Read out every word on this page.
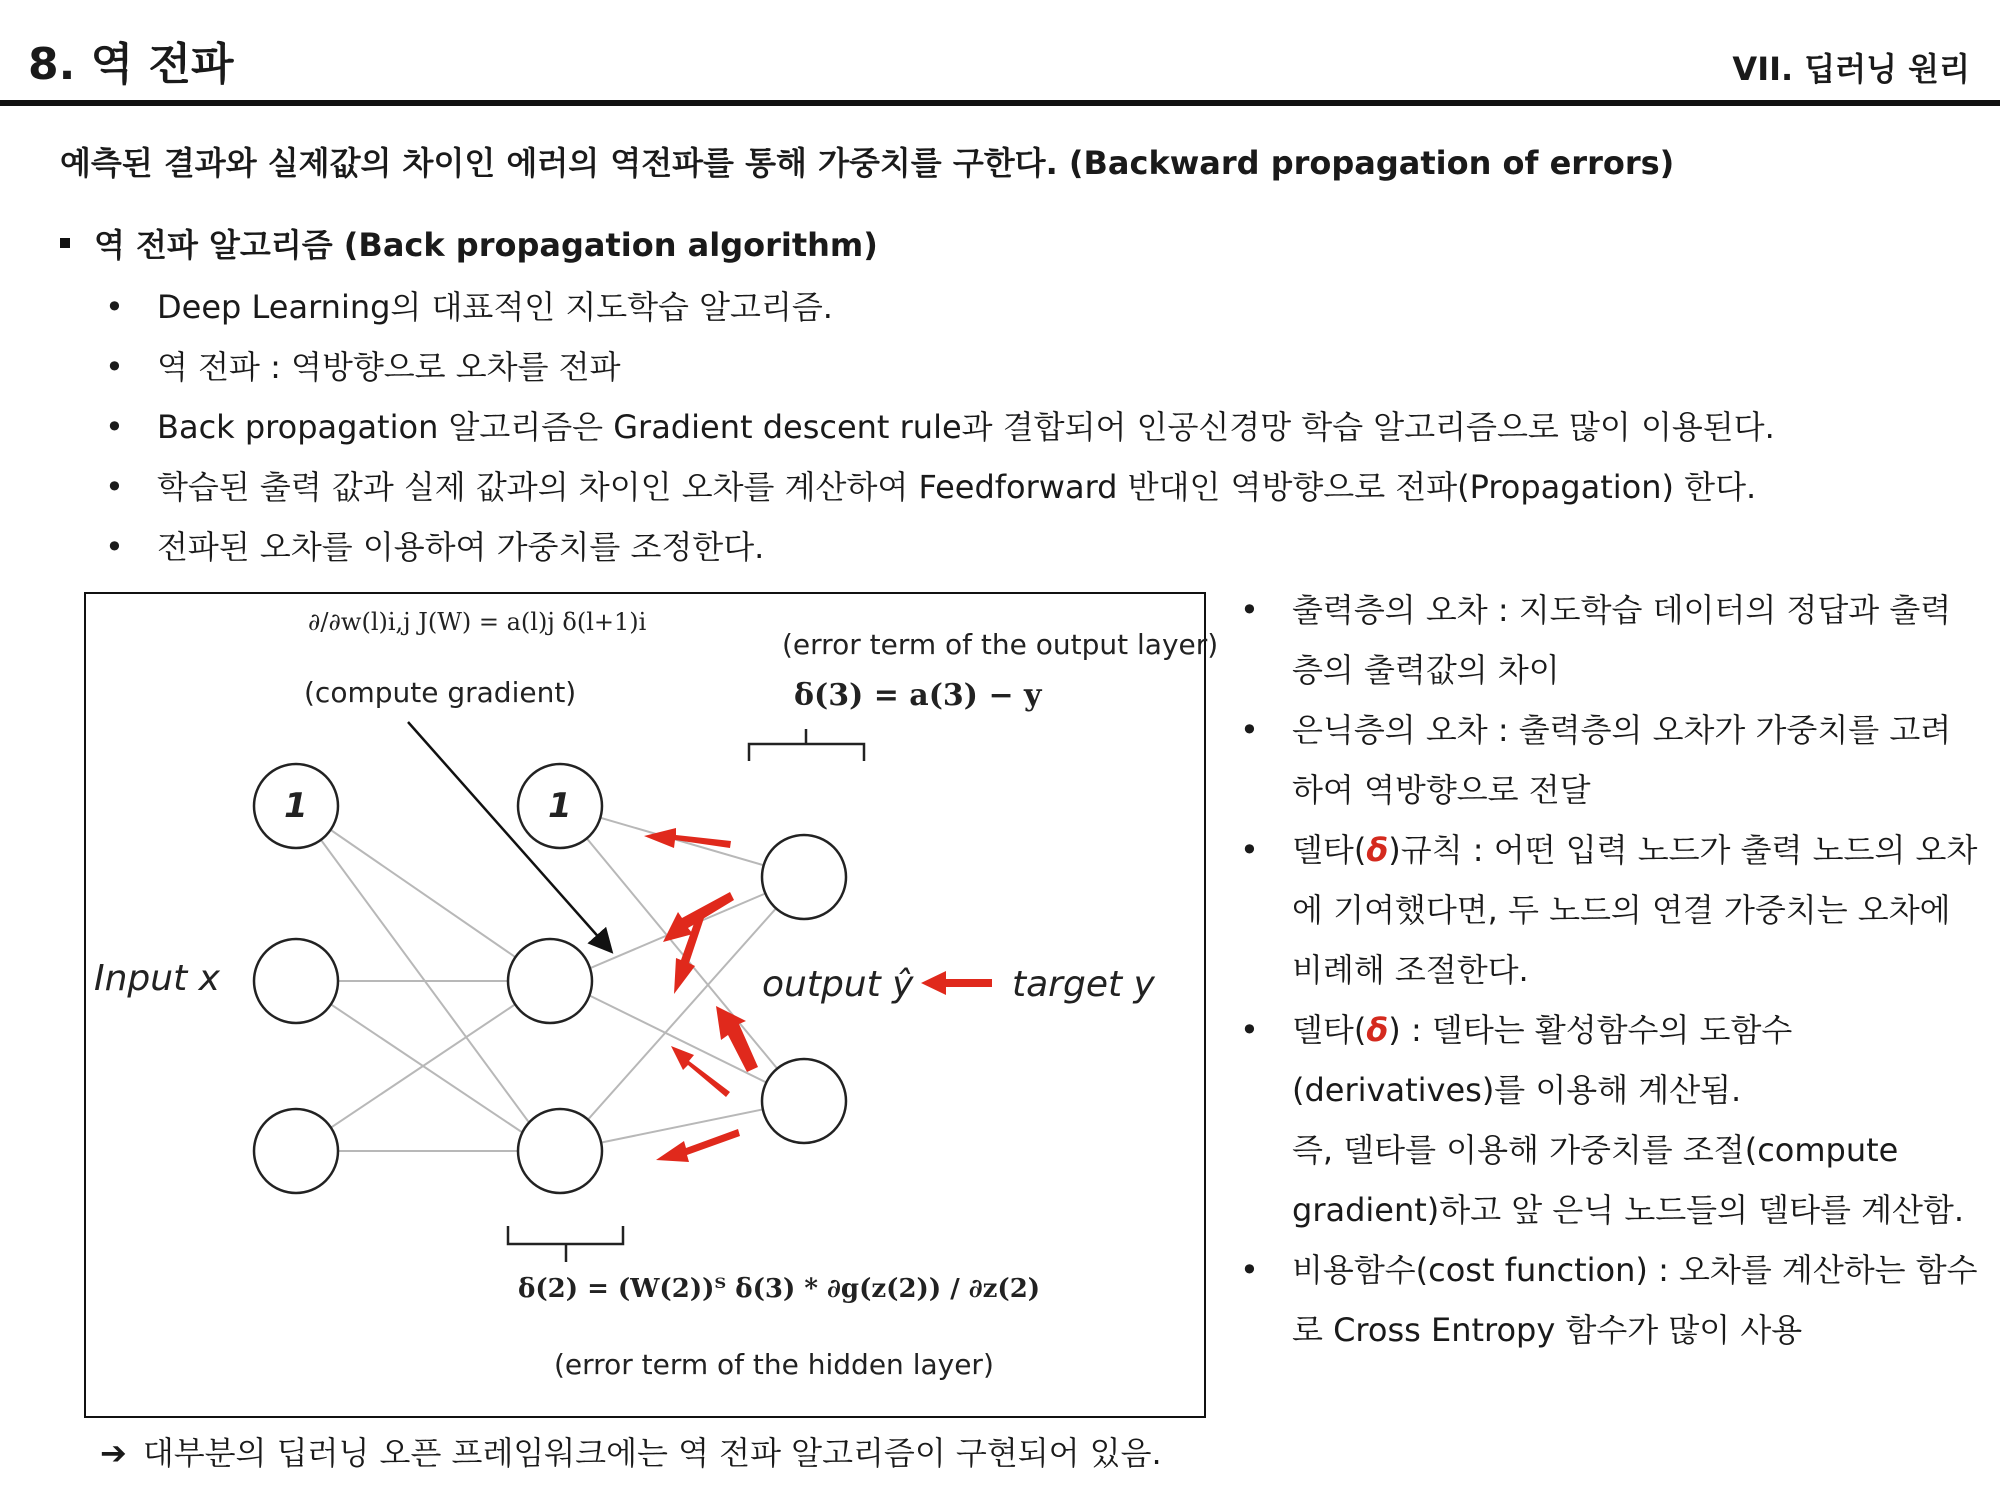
8. 역 전파	VII. 딥러닝 원리
예측된 결과와 실제값의 차이인 에러의 역전파를 통해 가중치를 구한다. (Backward propagation of errors)
역 전파 알고리즘 (Back propagation algorithm)
• Deep Learning의 대표적인 지도학습 알고리즘.
• 역 전파 : 역방향으로 오차를 전파
• Back propagation 알고리즘은 Gradient descent rule과 결합되어 인공신경망 학습 알고리즘으로 많이 이용된다.
• 학습된 출력 값과 실제 값과의 차이인 오차를 계산하여 Feedforward 반대인 역방향으로 전파(Propagation) 한다.
• 전파된 오차를 이용하여 가중치를 조정한다.
∂/∂w(l)i,j J(W) = a(l)j δ(l+1)i
(compute gradient)
(error term of the output layer)
δ(3) = a(3) − y
1	1
Input x	output ŷ	target y
δ(2) = (W(2))ᵀ δ(3) * ∂g(z(2)) / ∂z(2)
(error term of the hidden layer)
•	출력층의 오차 : 지도학습 데이터의 정답과 출력층의 출력값의 차이
•	은닉층의 오차 : 출력층의 오차가 가중치를 고려하여 역방향으로 전달
•	델타(δ)규칙 : 어떤 입력 노드가 출력 노드의 오차에 기여했다면, 두 노드의 연결 가중치는 오차에 비례해 조절한다.
•	델타(δ) : 델타는 활성함수의 도함수(derivatives)를 이용해 계산됨.
즉, 델타를 이용해 가중치를 조절(compute gradient)하고 앞 은닉 노드들의 델타를 계산함.
•	비용함수(cost function) : 오차를 계산하는 함수로 Cross Entropy 함수가 많이 사용
➔ 대부분의 딥러닝 오픈 프레임워크에는 역 전파 알고리즘이 구현되어 있음.
